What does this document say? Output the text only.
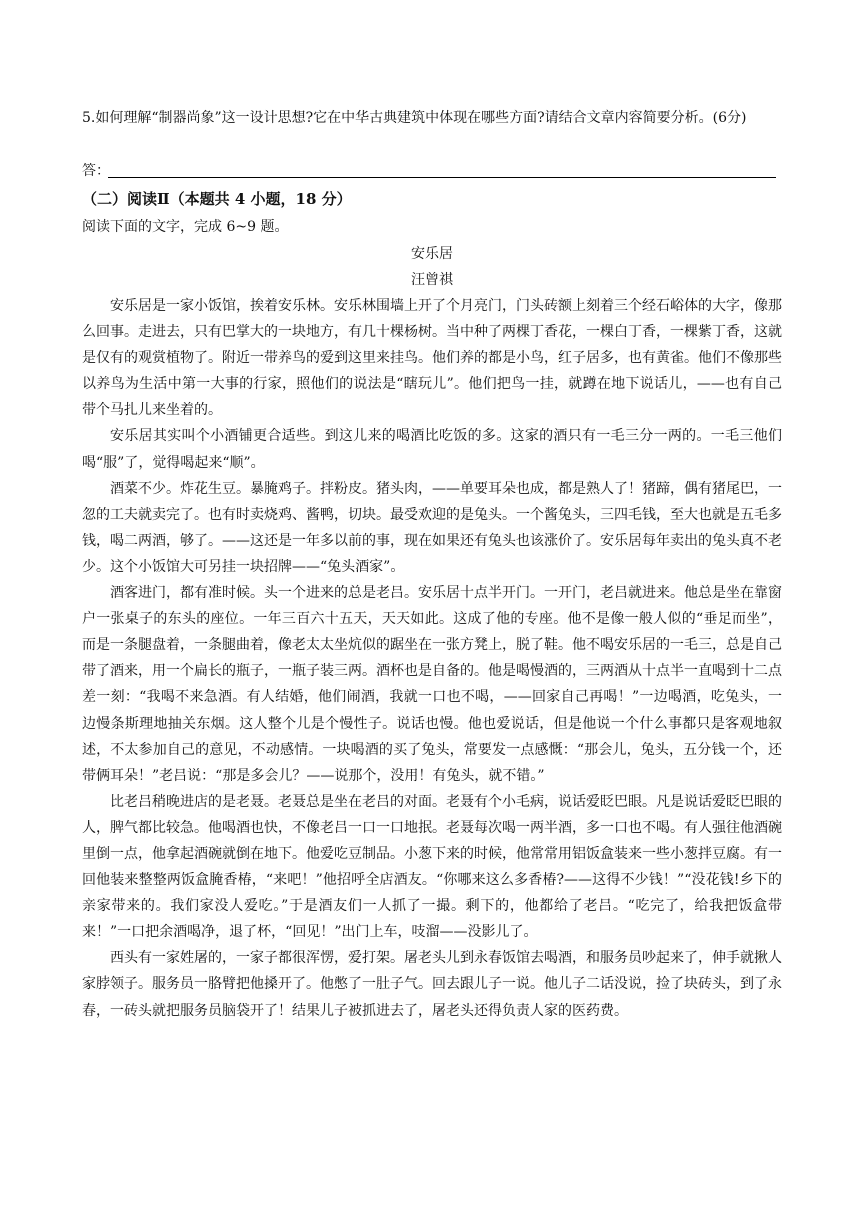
5.如何理解“制器尚象”这一设计思想?它在中华古典建筑中体现在哪些方面?请结合文章内容简要分析。(6分)
答：
（二）阅读Ⅱ（本题共 4 小题，18 分）
阅读下面的文字，完成 6~9 题。
安乐居
汪曾祺

安乐居是一家小饭馆，挨着安乐林。安乐林围墙上开了个月亮门，门头砖额上刻着三个经石峪体的大字，像那么回事。走进去，只有巴掌大的一块地方，有几十棵杨树。当中种了两棵丁香花，一棵白丁香，一棵紫丁香，这就是仅有的观赏植物了。附近一带养鸟的爱到这里来挂鸟。他们养的都是小鸟，红子居多，也有黄雀。他们不像那些以养鸟为生活中第一大事的行家，照他们的说法是“瞎玩儿”。他们把鸟一挂，就蹲在地下说话儿，——也有自己带个马扎儿来坐着的。

安乐居其实叫个小酒铺更合适些。到这儿来的喝酒比吃饭的多。这家的酒只有一毛三分一两的。一毛三他们喝“服”了，觉得喝起来“顺”。

酒菜不少。炸花生豆。暴腌鸡子。拌粉皮。猪头肉，——单要耳朵也成，都是熟人了！猪蹄，偶有猪尾巴，一忽的工夫就卖完了。也有时卖烧鸡、酱鸭，切块。最受欢迎的是兔头。一个酱兔头，三四毛钱，至大也就是五毛多钱，喝二两酒，够了。——这还是一年多以前的事，现在如果还有兔头也该涨价了。安乐居每年卖出的兔头真不老少。这个小饭馆大可另挂一块招牌——“兔头酒家”。

酒客进门，都有准时候。头一个进来的总是老吕。安乐居十点半开门。一开门，老吕就进来。他总是坐在靠窗户一张桌子的东头的座位。一年三百六十五天，天天如此。这成了他的专座。他不是像一般人似的“垂足而坐”，而是一条腿盘着，一条腿曲着，像老太太坐炕似的踞坐在一张方凳上，脱了鞋。他不喝安乐居的一毛三，总是自己带了酒来，用一个扁长的瓶子，一瓶子装三两。酒杯也是自备的。他是喝慢酒的，三两酒从十点半一直喝到十二点差一刻：“我喝不来急酒。有人结婚，他们闹酒，我就一口也不喝，——回家自己再喝！”一边喝酒，吃兔头，一边慢条斯理地抽关东烟。这人整个儿是个慢性子。说话也慢。他也爱说话，但是他说一个什么事都只是客观地叙述，不太参加自己的意见，不动感情。一块喝酒的买了兔头，常要发一点感慨：“那会儿，兔头，五分钱一个，还带俩耳朵！”老吕说：“那是多会儿？——说那个，没用！有兔头，就不错。”

比老吕稍晚进店的是老聂。老聂总是坐在老吕的对面。老聂有个小毛病，说话爱眨巴眼。凡是说话爱眨巴眼的人，脾气都比较急。他喝酒也快，不像老吕一口一口地抿。老聂每次喝一两半酒，多一口也不喝。有人强往他酒碗里倒一点，他拿起酒碗就倒在地下。他爱吃豆制品。小葱下来的时候，他常常用铝饭盒装来一些小葱拌豆腐。有一回他装来整整两饭盒腌香椿，“来吧！”他招呼全店酒友。“你哪来这么多香椿?——这得不少钱！”“没花钱!乡下的亲家带来的。我们家没人爱吃。”于是酒友们一人抓了一撮。剩下的，他都给了老吕。“吃完了，给我把饭盒带来！”一口把余酒喝净，退了杯，“回见！”出门上车，吱溜——没影儿了。

西头有一家姓屠的，一家子都很浑愣，爱打架。屠老头儿到永春饭馆去喝酒，和服务员吵起来了，伸手就揪人家脖领子。服务员一胳臂把他搡开了。他憋了一肚子气。回去跟儿子一说。他儿子二话没说，捡了块砖头，到了永春，一砖头就把服务员脑袋开了！结果儿子被抓进去了，屠老头还得负责人家的医药费。
